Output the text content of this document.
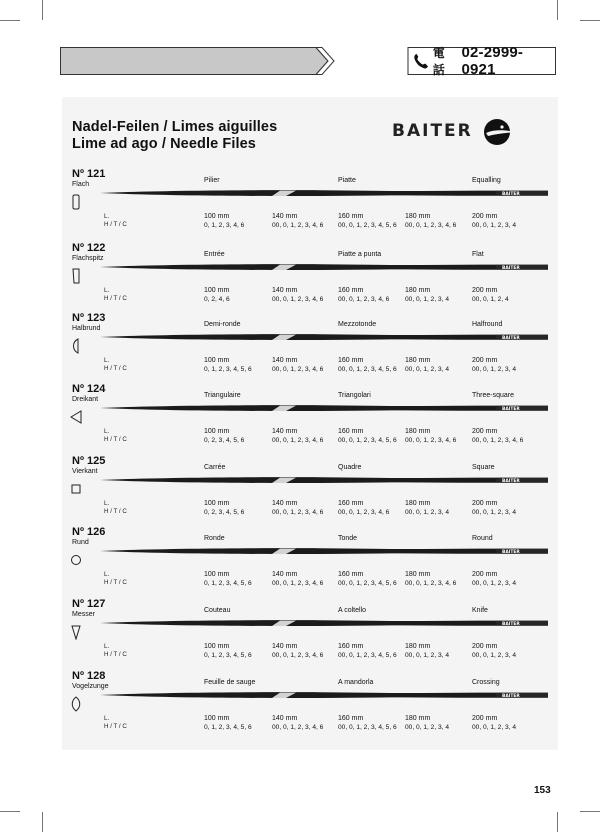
電話
02-2999-0921
Nadel-Feilen / Limes aiguilles
Lime ad ago / Needle Files
BAITER
Nº 121
Flach
Pilier	Piatte	Equalling
BAITER
L.
H / T / C
100 mm
0, 1, 2, 3, 4, 6
140 mm
00, 0, 1, 2, 3, 4, 6
160 mm
00, 0, 1, 2, 3, 4, 5, 6
180 mm
00, 0, 1, 2, 3, 4, 6
200 mm
00, 0, 1, 2, 3, 4
Nº 122
Flachspitz
Entrée	Piatte a punta	Flat
BAITER
L.
H / T / C
100 mm
0, 2, 4, 6
140 mm
00, 0, 1, 2, 3, 4, 6
160 mm
00, 0, 1, 2, 3, 4, 6
180 mm
00, 0, 1, 2, 3, 4
200 mm
00, 0, 1, 2, 4
Nº 123
Halbrund
Demi-ronde	Mezzotonde	Halfround
BAITER
L.
H / T / C
100 mm
0, 1, 2, 3, 4, 5, 6
140 mm
00, 0, 1, 2, 3, 4, 6
160 mm
00, 0, 1, 2, 3, 4, 5, 6
180 mm
00, 0, 1, 2, 3, 4
200 mm
00, 0, 1, 2, 3, 4
Nº 124
Dreikant
Triangulaire	Triangolari	Three-square
BAITER
L.
H / T / C
100 mm
0, 2, 3, 4, 5, 6
140 mm
00, 0, 1, 2, 3, 4, 6
160 mm
00, 0, 1, 2, 3, 4, 5, 6
180 mm
00, 0, 1, 2, 3, 4, 6
200 mm
00, 0, 1, 2, 3, 4, 6
Nº 125
Vierkant
Carrée	Quadre	Square
BAITER
L.
H / T / C
100 mm
0, 2, 3, 4, 5, 6
140 mm
00, 0, 1, 2, 3, 4, 6
160 mm
00, 0, 1, 2, 3, 4, 6
180 mm
00, 0, 1, 2, 3, 4
200 mm
00, 0, 1, 2, 3, 4
Nº 126
Rund
Ronde	Tonde	Round
BAITER
L.
H / T / C
100 mm
0, 1, 2, 3, 4, 5, 6
140 mm
00, 0, 1, 2, 3, 4, 6
160 mm
00, 0, 1, 2, 3, 4, 5, 6
180 mm
00, 0, 1, 2, 3, 4, 6
200 mm
00, 0, 1, 2, 3, 4
Nº 127
Messer
Couteau	A coltello	Knife
BAITER
L.
H / T / C
100 mm
0, 1, 2, 3, 4, 5, 6
140 mm
00, 0, 1, 2, 3, 4, 6
160 mm
00, 0, 1, 2, 3, 4, 5, 6
180 mm
00, 0, 1, 2, 3, 4
200 mm
00, 0, 1, 2, 3, 4
Nº 128
Vogelzunge
Feuille de sauge	A mandorla	Crossing
BAITER
L.
H / T / C
100 mm
0, 1, 2, 3, 4, 5, 6
140 mm
00, 0, 1, 2, 3, 4, 6
160 mm
00, 0, 1, 2, 3, 4, 5, 6
180 mm
00, 0, 1, 2, 3, 4
200 mm
00, 0, 1, 2, 3, 4
153
